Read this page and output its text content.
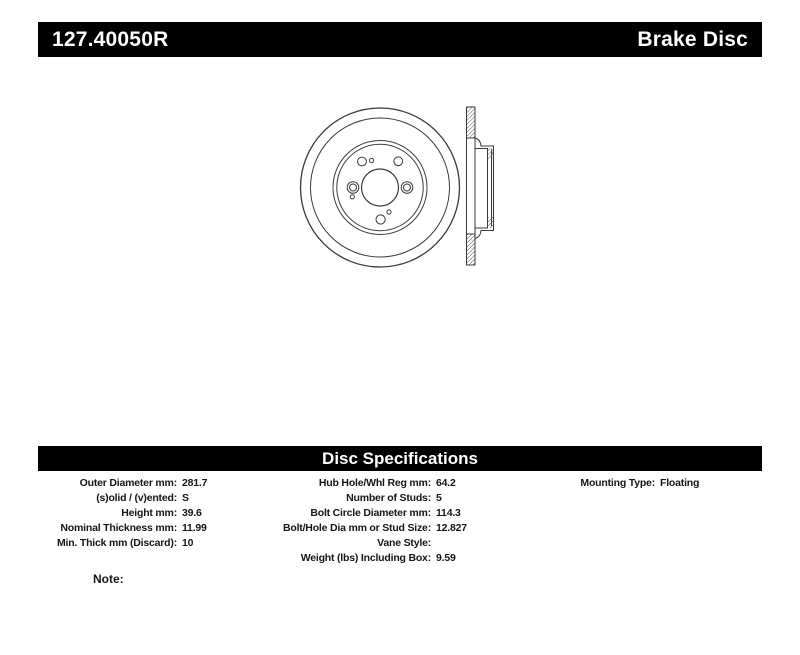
127.40050R	Brake Disc
Disc Specifications
Outer Diameter mm: 281.7
(s)olid / (v)ented: S
Height mm: 39.6
Nominal Thickness mm: 11.99
Min. Thick mm (Discard): 10
Hub Hole/Whl Reg mm: 64.2
Number of Studs: 5
Bolt Circle Diameter mm: 114.3
Bolt/Hole Dia mm or Stud Size: 12.827
Vane Style:
Weight (lbs) Including Box: 9.59
Mounting Type: Floating
Note:
